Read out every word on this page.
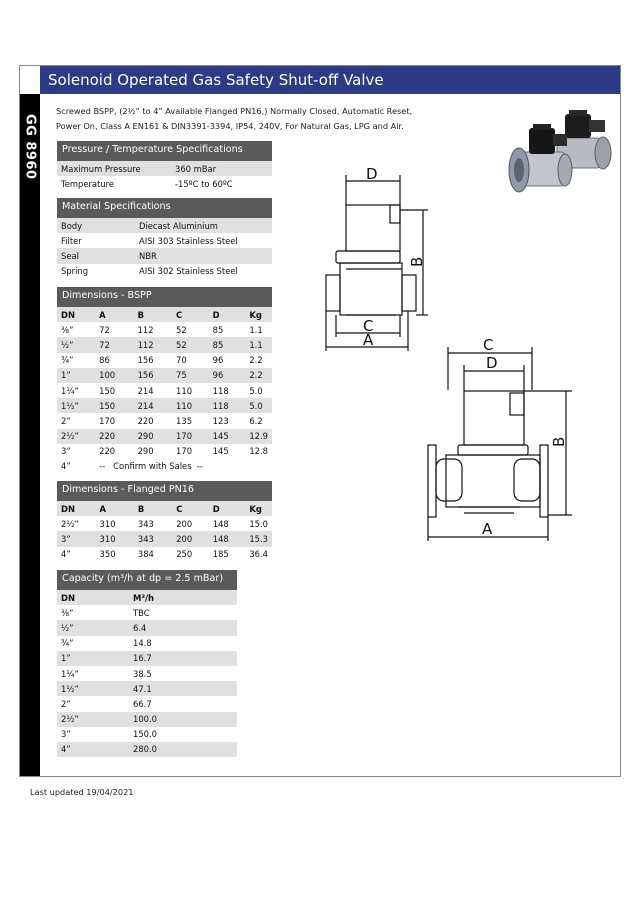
Solenoid Operated Gas Safety Shut-off Valve
GG 8960
Screwed BSPP, (2½” to 4” Available Flanged PN16,) Normally Closed, Automatic Reset,
Power On, Class A EN161 & DIN3391-3394, IP54, 240V, For Natural Gas, LPG and Air.
Pressure / Temperature Specifications
Maximum Pressure	360 mBar
Temperature	-15ºC to 60ºC
Material Specifications
Body	Diecast Aluminium
Filter	AISI 303 Stainless Steel
Seal	NBR
Spring	AISI 302 Stainless Steel
Dimensions - BSPP
DN	A	B	C	D	Kg
⅜”	72	112	52	85	1.1
½”	72	112	52	85	1.1
¾”	86	156	70	96	2.2
1”	100	156	75	96	2.2
1¼”	150	214	110	118	5.0
1½”	150	214	110	118	5.0
2”	170	220	135	123	6.2
2½”	220	290	170	145	12.9
3”	220	290	170	145	12.8
4”	-- Confirm with Sales --				
Dimensions - Flanged PN16
DN	A	B	C	D	Kg
2½”	310	343	200	148	15.0
3”	310	343	200	148	15.3
4”	350	384	250	185	36.4
Capacity (m³/h at dp = 2.5 mBar)
DN	M³/h
⅜”	TBC
½”	6.4
¾”	14.8
1”	16.7
1¼”	38.5
1½”	47.1
2”	66.7
2½”	100.0
3”	150.0
4”	280.0
D
B
C
A	C
D
B
A
Last updated 19/04/2021
